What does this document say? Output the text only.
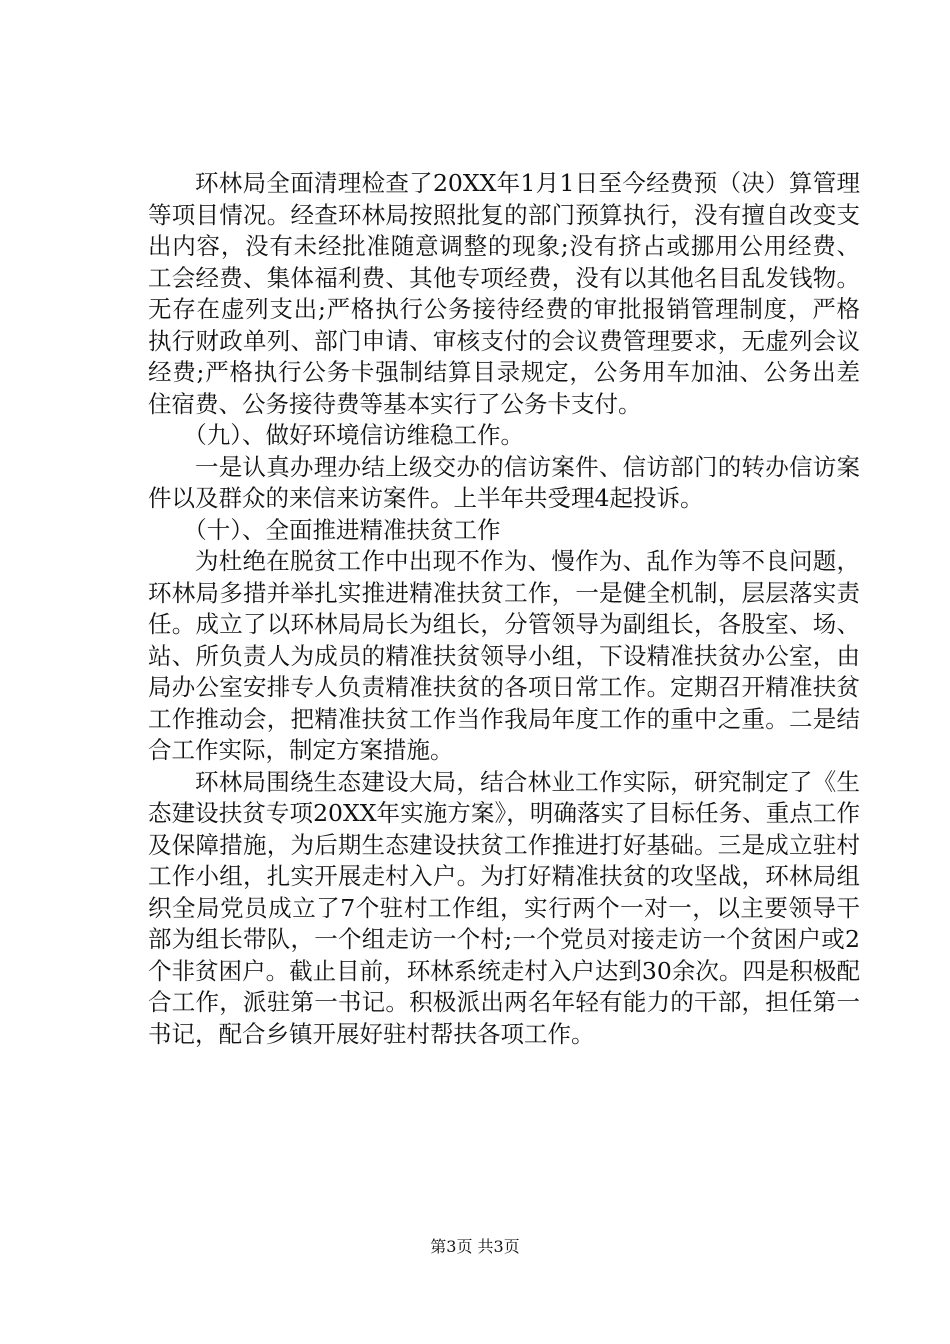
环林局全面清理检查了20XX年1月1日至今经费预（决）算管理等项目情况。经查环林局按照批复的部门预算执行，没有擅自改变支出内容，没有未经批准随意调整的现象;没有挤占或挪用公用经费、工会经费、集体福利费、其他专项经费，没有以其他名目乱发钱物。无存在虚列支出;严格执行公务接待经费的审批报销管理制度，严格执行财政单列、部门申请、审核支付的会议费管理要求，无虚列会议经费;严格执行公务卡强制结算目录规定，公务用车加油、公务出差住宿费、公务接待费等基本实行了公务卡支付。

（九）、做好环境信访维稳工作。

一是认真办理办结上级交办的信访案件、信访部门的转办信访案件以及群众的来信来访案件。上半年共受理4起投诉。

（十）、全面推进精准扶贫工作

为杜绝在脱贫工作中出现不作为、慢作为、乱作为等不良问题，环林局多措并举扎实推进精准扶贫工作，一是健全机制，层层落实责任。成立了以环林局局长为组长，分管领导为副组长，各股室、场、站、所负责人为成员的精准扶贫领导小组，下设精准扶贫办公室，由局办公室安排专人负责精准扶贫的各项日常工作。定期召开精准扶贫工作推动会，把精准扶贫工作当作我局年度工作的重中之重。二是结合工作实际，制定方案措施。

环林局围绕生态建设大局，结合林业工作实际，研究制定了《生态建设扶贫专项20XX年实施方案》，明确落实了目标任务、重点工作及保障措施，为后期生态建设扶贫工作推进打好基础。三是成立驻村工作小组，扎实开展走村入户。为打好精准扶贫的攻坚战，环林局组织全局党员成立了7个驻村工作组，实行两个一对一，以主要领导干部为组长带队，一个组走访一个村;一个党员对接走访一个贫困户或2个非贫困户。截止目前，环林系统走村入户达到30余次。四是积极配合工作，派驻第一书记。积极派出两名年轻有能力的干部，担任第一书记，配合乡镇开展好驻村帮扶各项工作。

第3页 共3页
